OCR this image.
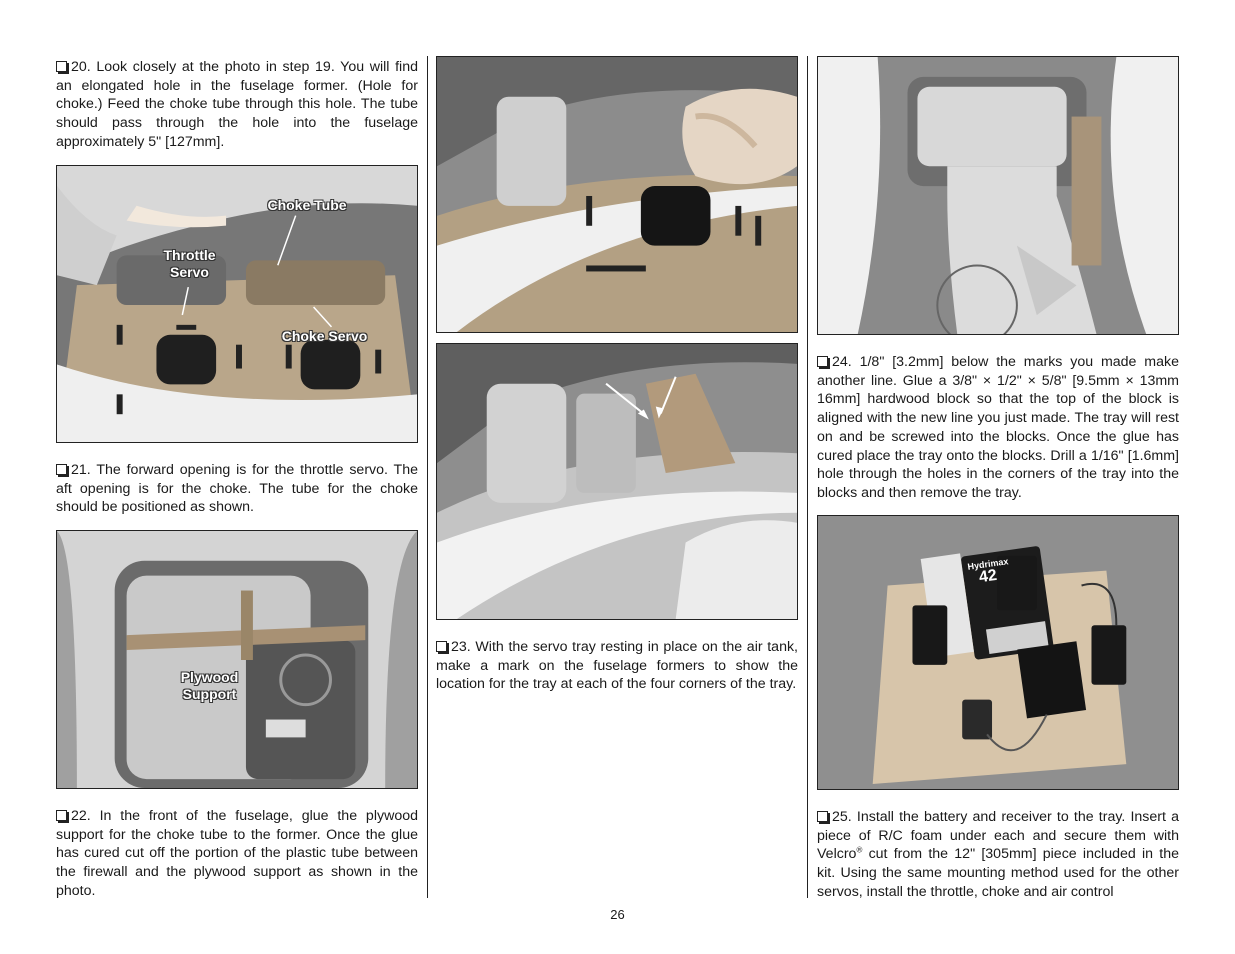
20. Look closely at the photo in step 19. You will find an elongated hole in the fuselage former. (Hole for choke.) Feed the choke tube through this hole. The tube should pass through the hole into the fuselage approximately 5" [127mm].

Choke Tube
Throttle
Servo
Choke Servo

21. The forward opening is for the throttle servo. The aft opening is for the choke. The tube for the choke should be positioned as shown.

Plywood
Support

22. In the front of the fuselage, glue the plywood support for the choke tube to the former. Once the glue has cured cut off the portion of the plastic tube between the firewall and the plywood support as shown in the photo.

23. With the servo tray resting in place on the air tank, make a mark on the fuselage formers to show the location for the tray at each of the four corners of the tray.

24. 1/8" [3.2mm] below the marks you made make another line. Glue a 3/8" × 1/2" × 5/8" [9.5mm × 13mm 16mm] hardwood block so that the top of the block is aligned with the new line you just made. The tray will rest on and be screwed into the blocks. Once the glue has cured place the tray onto the blocks. Drill a 1/16" [1.6mm] hole through the holes in the corners of the tray into the blocks and then remove the tray.

Hydrimax
42

25. Install the battery and receiver to the tray. Insert a piece of R/C foam under each and secure them with Velcro® cut from the 12" [305mm] piece included in the kit. Using the same mounting method used for the other servos, install the throttle, choke and air control

26
